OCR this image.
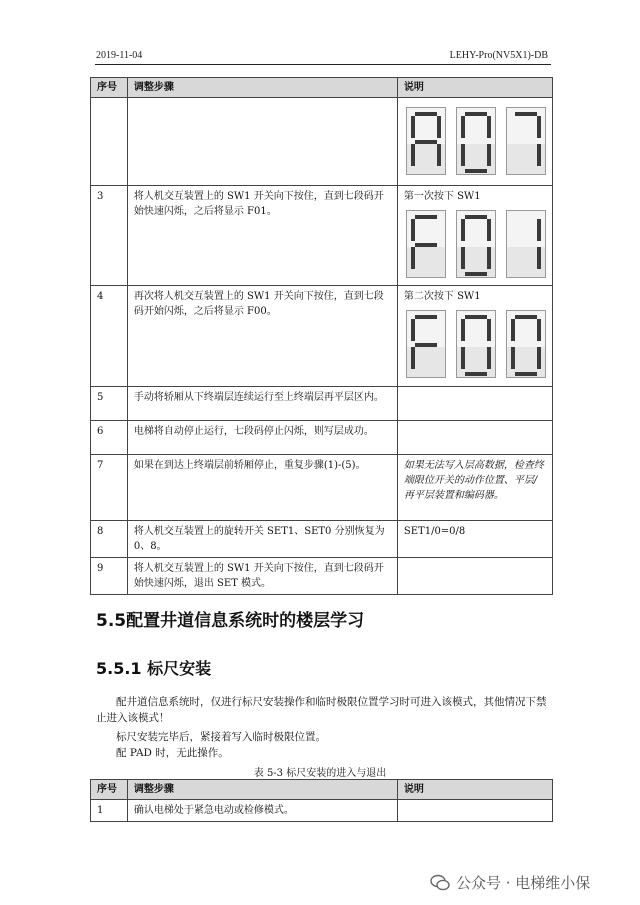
2019-11-04	LEHY-Pro(NV5X1)-DB
序号	调整步骤	说明

3	将人机交互装置上的 SW1 开关向下按住，直到七段码开始快速闪烁，之后将显示 F01。	第一次按下 SW1

4	再次将人机交互装置上的 SW1 开关向下按住，直到七段码开始闪烁，之后将显示 F00。	第二次按下 SW1

5	手动将轿厢从下终端层连续运行至上终端层再平层区内。	
6	电梯将自动停止运行，七段码停止闪烁，则写层成功。	
7	如果在到达上终端层前轿厢停止，重复步骤(1)-(5)。	如果无法写入层高数据，检查终端限位开关的动作位置、平层/再平层装置和编码器。
8	将人机交互装置上的旋转开关 SET1、SET0 分别恢复为 0、8。	SET1/0=0/8
9	将人机交互装置上的 SW1 开关向下按住，直到七段码开始快速闪烁，退出 SET 模式。	
5.5配置井道信息系统时的楼层学习
5.5.1 标尺安装

配井道信息系统时，仅进行标尺安装操作和临时极限位置学习时可进入该模式，其他情况下禁止进入该模式！

标尺安装完毕后，紧接着写入临时极限位置。

配 PAD 时，无此操作。

表 5-3 标尺安装的进入与退出
序号	调整步骤	说明
1	确认电梯处于紧急电动或检修模式。	
公众号 · 电梯维小保
